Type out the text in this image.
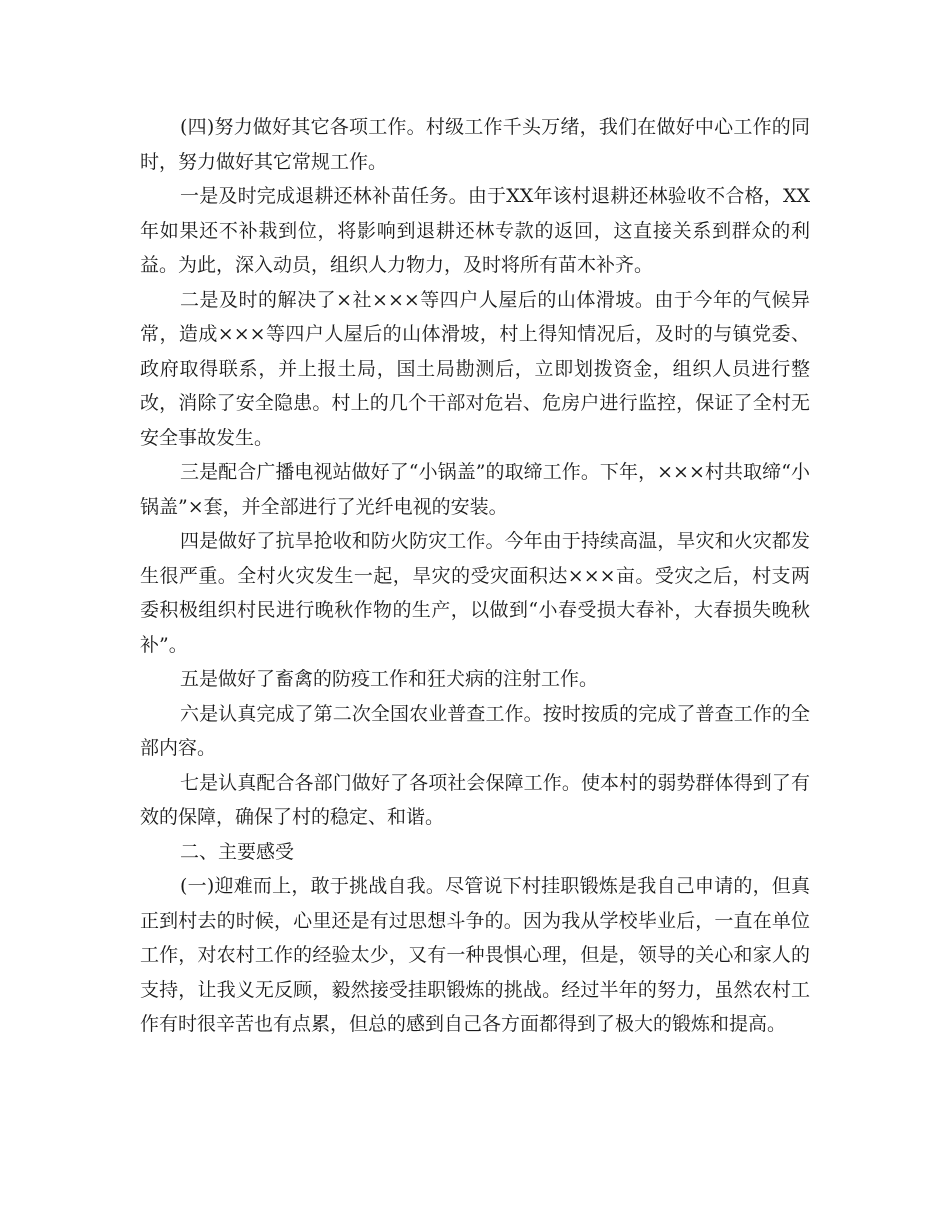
(四)努力做好其它各项工作。村级工作千头万绪，我们在做好中心工作的同时，努力做好其它常规工作。

一是及时完成退耕还林补苗任务。由于XX年该村退耕还林验收不合格，XX年如果还不补栽到位，将影响到退耕还林专款的返回，这直接关系到群众的利益。为此，深入动员，组织人力物力，及时将所有苗木补齐。

二是及时的解决了×社×××等四户人屋后的山体滑坡。由于今年的气候异常，造成×××等四户人屋后的山体滑坡，村上得知情况后，及时的与镇党委、政府取得联系，并上报土局，国土局勘测后，立即划拨资金，组织人员进行整改，消除了安全隐患。村上的几个干部对危岩、危房户进行监控，保证了全村无安全事故发生。

三是配合广播电视站做好了“小锅盖”的取缔工作。下年，×××村共取缔“小锅盖”×套，并全部进行了光纤电视的安装。

四是做好了抗旱抢收和防火防灾工作。今年由于持续高温，旱灾和火灾都发生很严重。全村火灾发生一起，旱灾的受灾面积达×××亩。受灾之后，村支两委积极组织村民进行晚秋作物的生产，以做到“小春受损大春补，大春损失晚秋补”。

五是做好了畜禽的防疫工作和狂犬病的注射工作。

六是认真完成了第二次全国农业普查工作。按时按质的完成了普查工作的全部内容。

七是认真配合各部门做好了各项社会保障工作。使本村的弱势群体得到了有效的保障，确保了村的稳定、和谐。

二、主要感受

(一)迎难而上，敢于挑战自我。尽管说下村挂职锻炼是我自己申请的，但真正到村去的时候，心里还是有过思想斗争的。因为我从学校毕业后，一直在单位工作，对农村工作的经验太少，又有一种畏惧心理，但是，领导的关心和家人的支持，让我义无反顾，毅然接受挂职锻炼的挑战。经过半年的努力，虽然农村工作有时很辛苦也有点累，但总的感到自己各方面都得到了极大的锻炼和提高。
